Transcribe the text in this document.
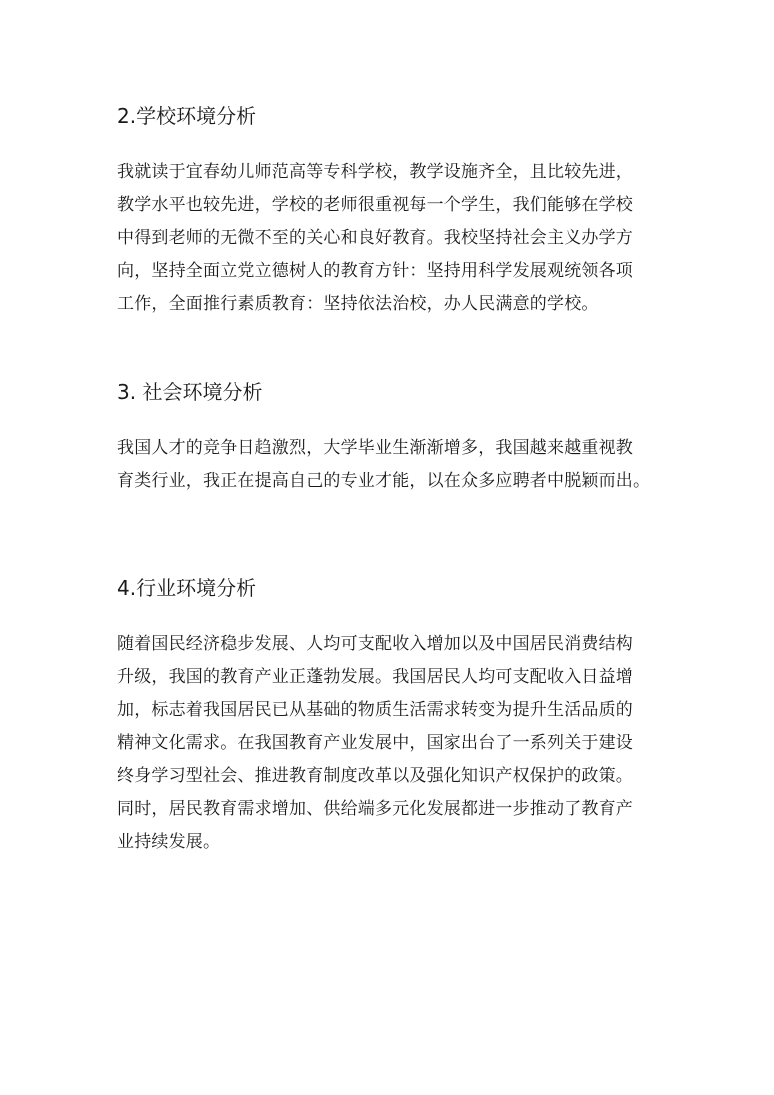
2.学校环境分析
我就读于宜春幼儿师范高等专科学校，教学设施齐全，且比较先进，
教学水平也较先进，学校的老师很重视每一个学生，我们能够在学校
中得到老师的无微不至的关心和良好教育。我校坚持社会主义办学方
向，坚持全面立党立德树人的教育方针：坚持用科学发展观统领各项
工作，全面推行素质教育：坚持依法治校，办人民满意的学校。
3. 社会环境分析
我国人才的竞争日趋激烈，大学毕业生渐渐增多，我国越来越重视教
育类行业，我正在提高自己的专业才能，以在众多应聘者中脱颖而出。
4.行业环境分析
随着国民经济稳步发展、人均可支配收入增加以及中国居民消费结构
升级，我国的教育产业正蓬勃发展。我国居民人均可支配收入日益增
加，标志着我国居民已从基础的物质生活需求转变为提升生活品质的
精神文化需求。在我国教育产业发展中，国家出台了一系列关于建设
终身学习型社会、推进教育制度改革以及强化知识产权保护的政策。
同时，居民教育需求增加、供给端多元化发展都进一步推动了教育产
业持续发展。
